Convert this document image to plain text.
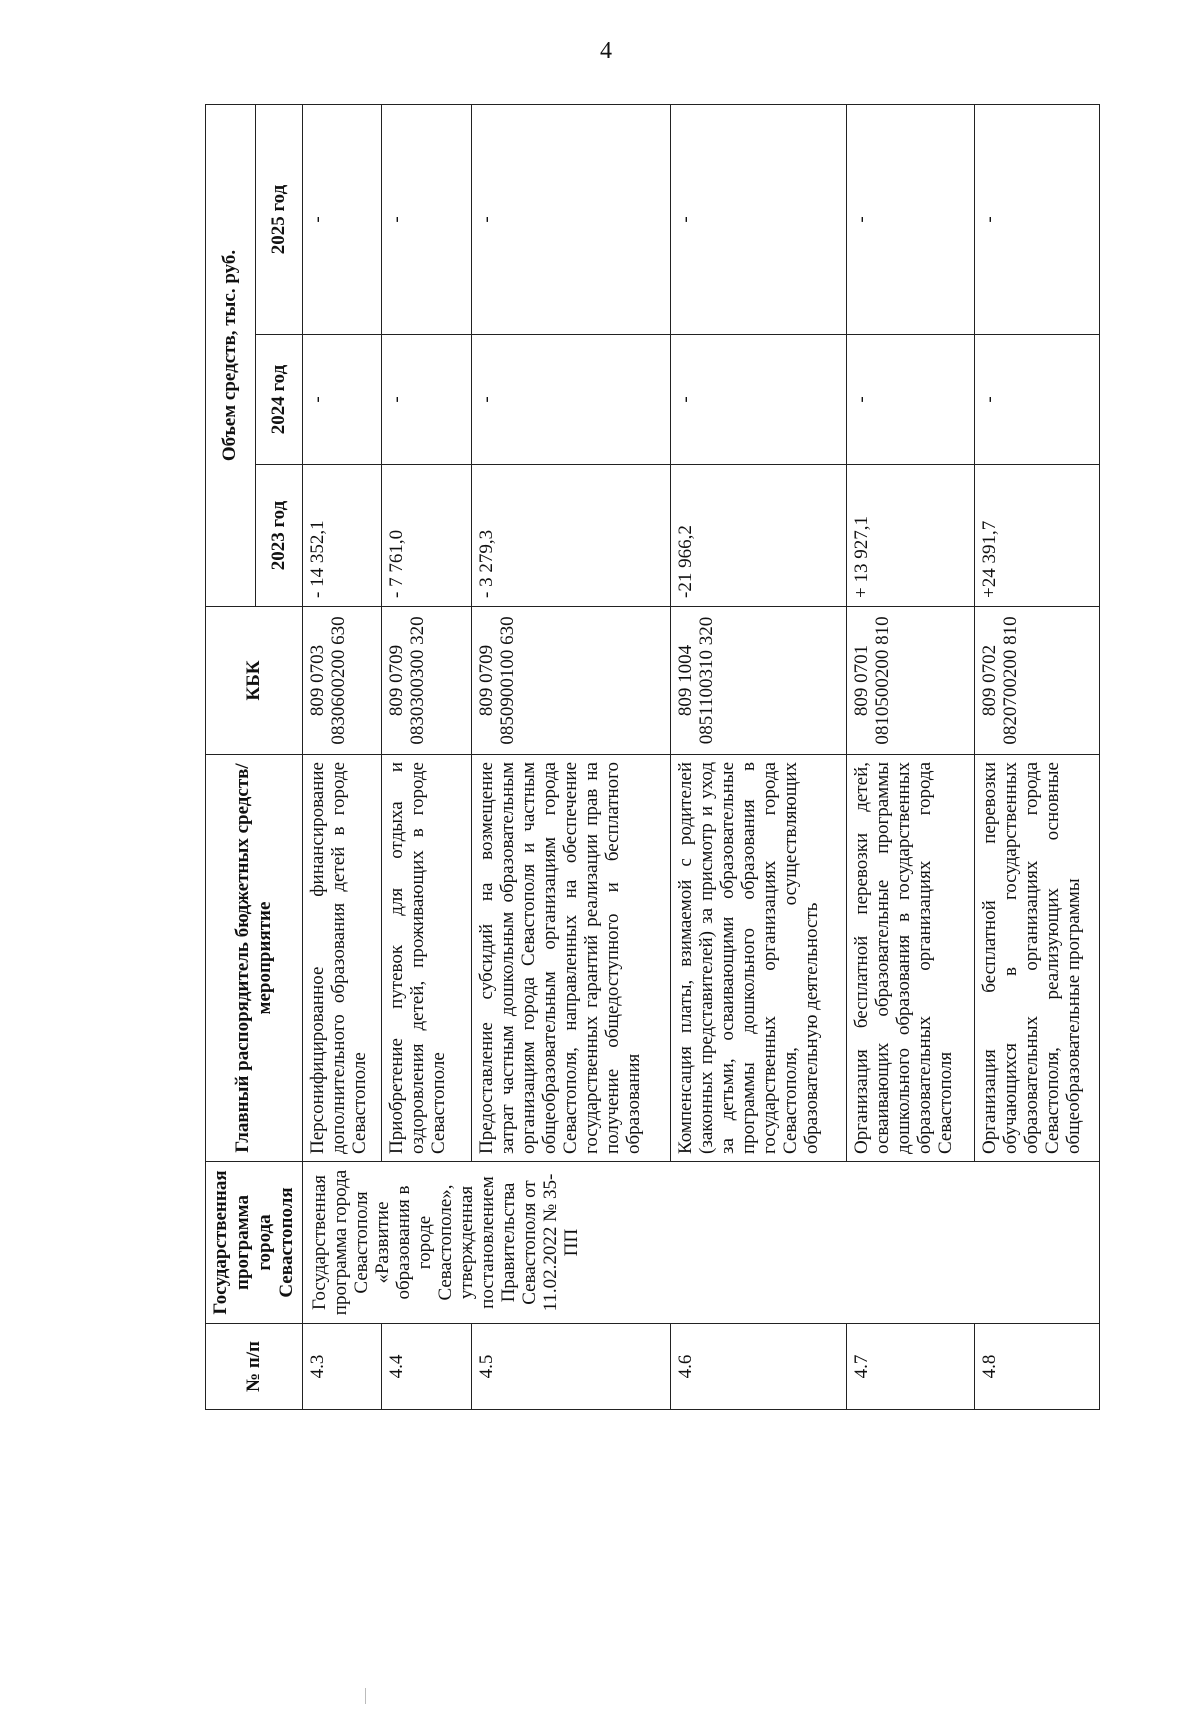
4
№ п/п	Государственная программа города Севастополя	Главный распорядитель бюджетных средств/мероприятие	КБК	Объем средств, тыс. руб.		
				2023 год	2024 год	2025 год
4.3	Государственная программа города Севастополя «Развитие образования в городе Севастополе», утвержденная постановлением Правительства Севастополя от 11.02.2022 № 35-ПП	Персонифицированное финансирование дополнительного образования детей в городе Севастополе	809 0703 0830600200 630	- 14 352,1	-	-
4.4		Приобретение путевок для отдыха и оздоровления детей, проживающих в городе Севастополе	809 0709 0830300300 320	- 7 761,0	-	-
4.5		Предоставление субсидий на возмещение затрат частным дошкольным образовательным организациям города Севастополя и частным общеобразовательным организациям города Севастополя, направленных на обеспечение государственных гарантий реализации прав на получение общедоступного и бесплатного образования	809 0709 0850900100 630	- 3 279,3	-	-
4.6		Компенсация платы, взимаемой с родителей (законных представителей) за присмотр и уход за детьми, осваивающими образовательные программы дошкольного образования в государственных организациях города Севастополя, осуществляющих образовательную деятельность	809 1004 0851100310 320	-21 966,2	-	-
4.7		Организация бесплатной перевозки детей, осваивающих образовательные программы дошкольного образования в государственных образовательных организациях города Севастополя	809 0701 0810500200 810	+ 13 927,1	-	-
4.8		Организация бесплатной перевозки обучающихся в государственных образовательных организациях города Севастополя, реализующих основные общеобразовательные программы	809 0702 0820700200 810	+24 391,7	-	-
